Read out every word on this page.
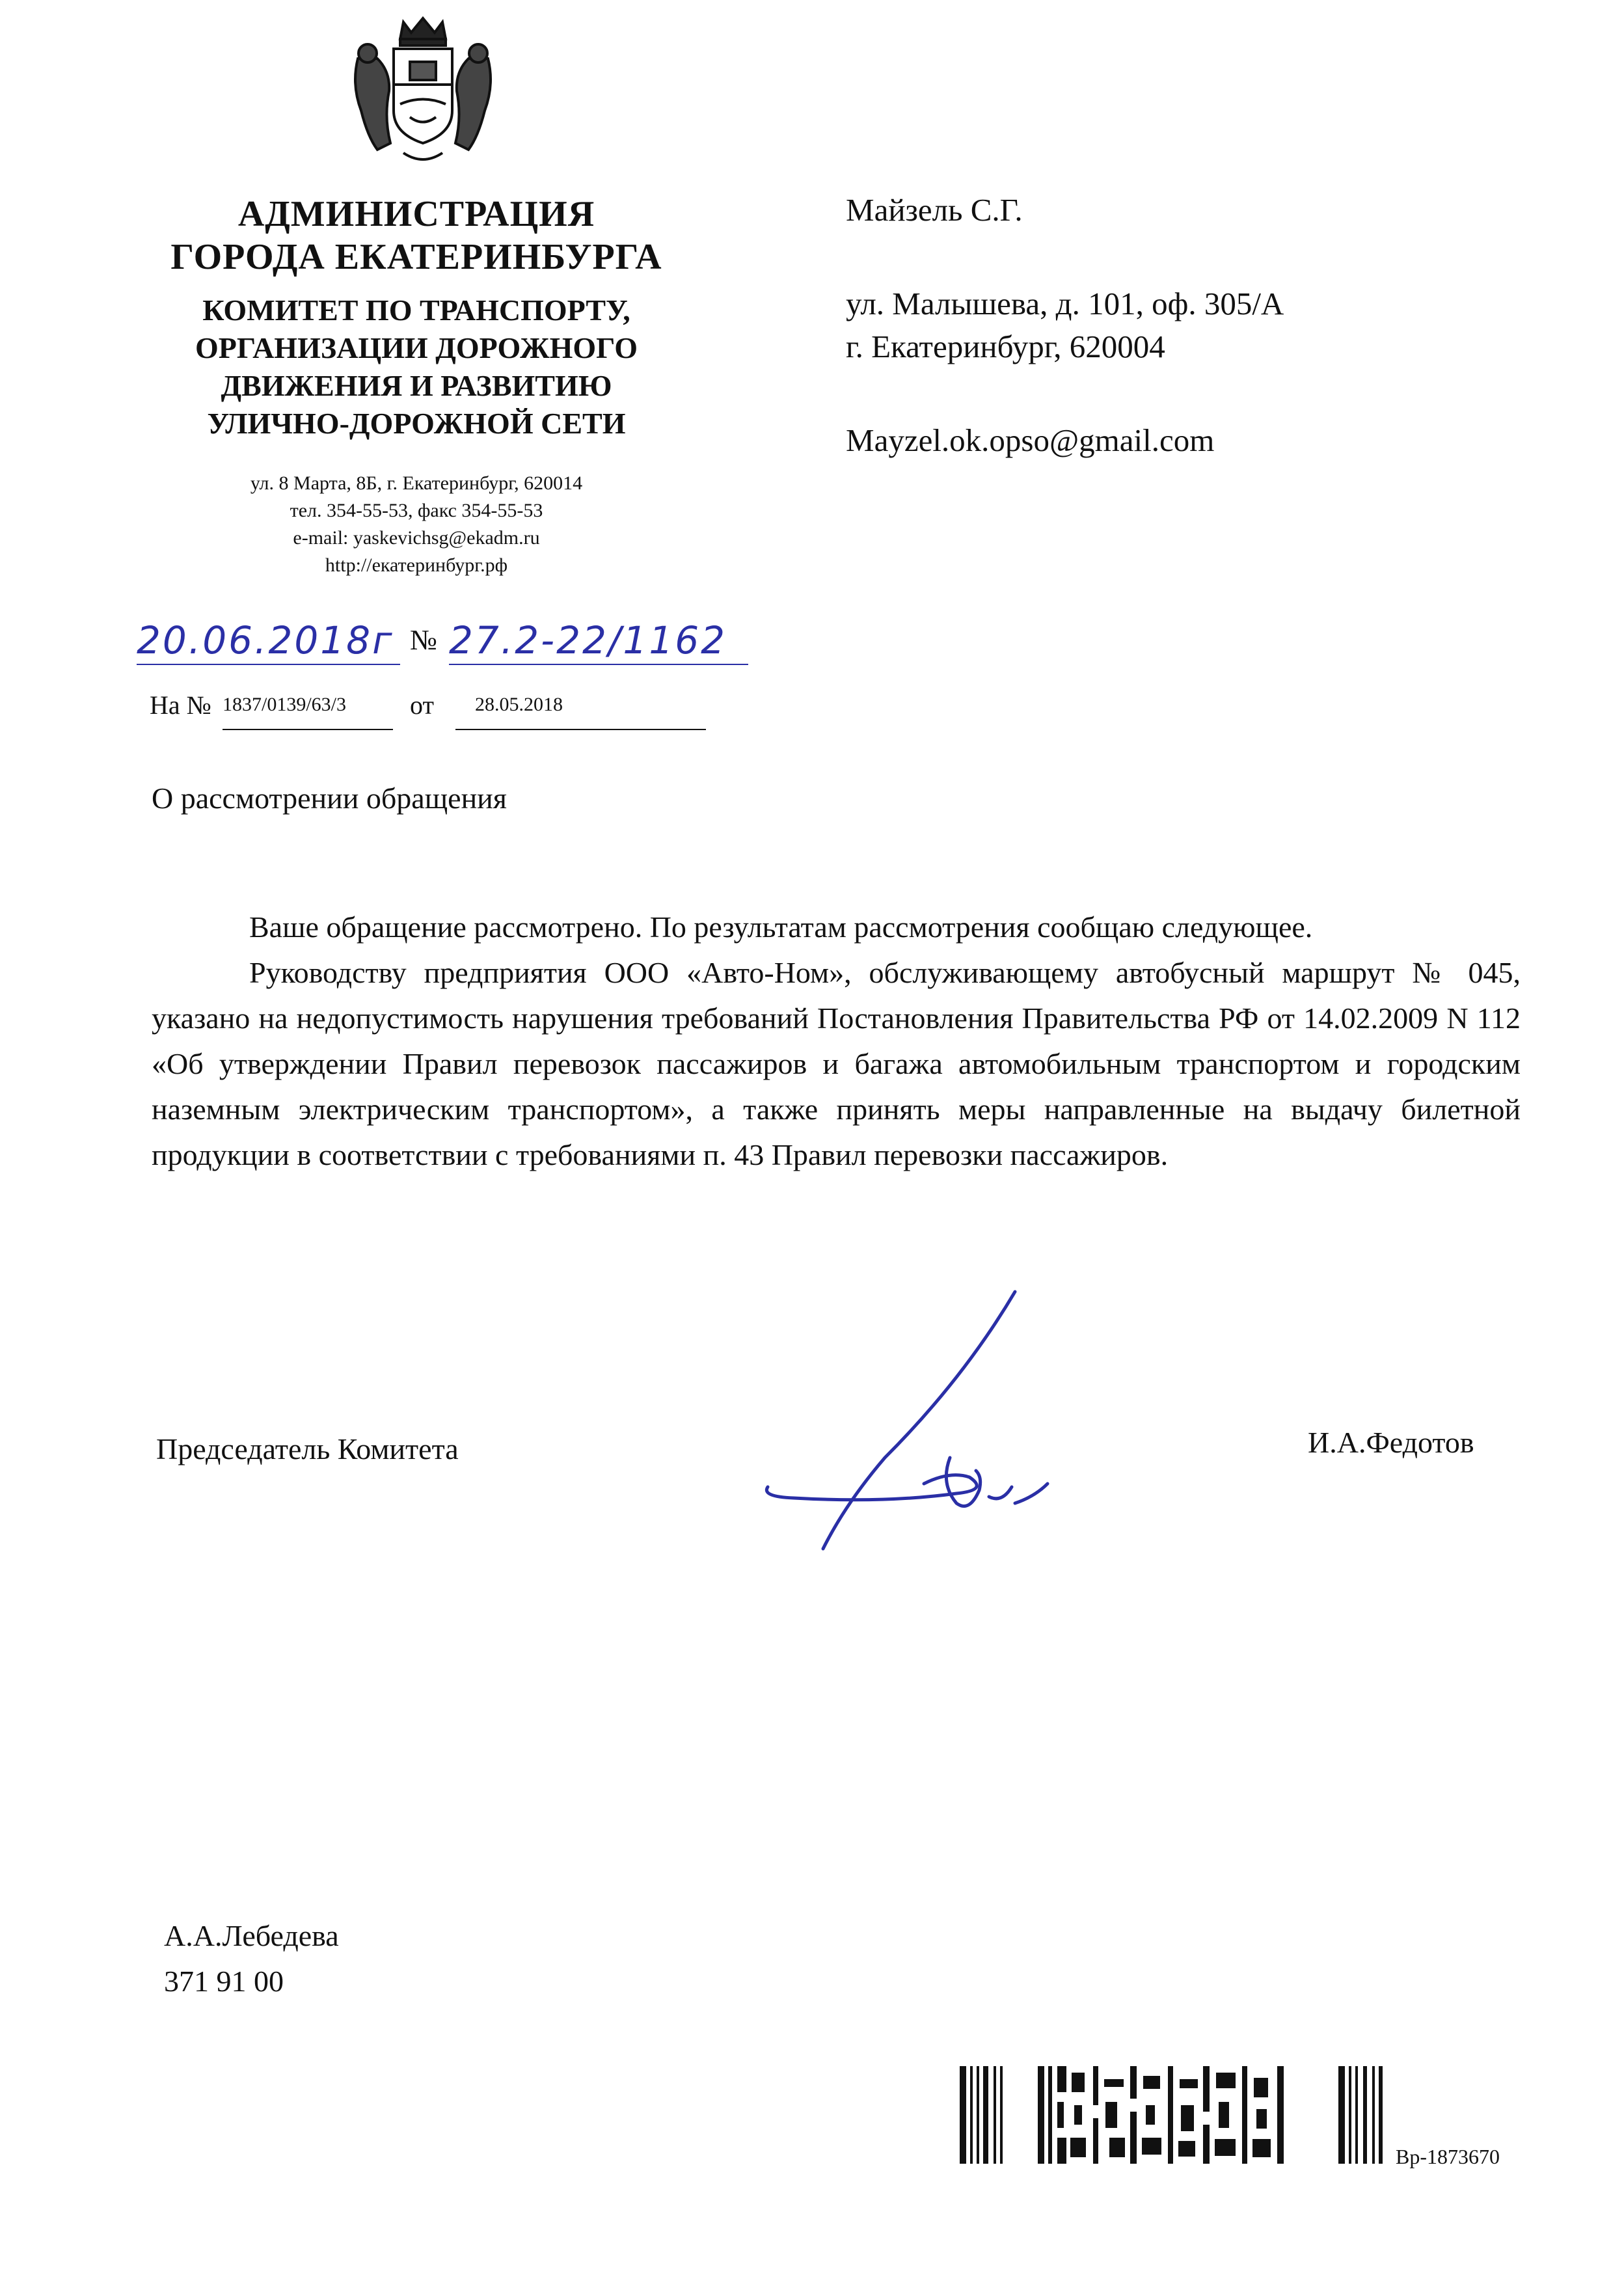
АДМИНИСТРАЦИЯ
ГОРОДА ЕКАТЕРИНБУРГА
КОМИТЕТ ПО ТРАНСПОРТУ,
ОРГАНИЗАЦИИ ДОРОЖНОГО
ДВИЖЕНИЯ И РАЗВИТИЮ
УЛИЧНО-ДОРОЖНОЙ СЕТИ
ул. 8 Марта, 8Б, г. Екатеринбург, 620014
тел. 354-55-53, факс 354-55-53
e-mail: yaskevichsg@ekadm.ru
http://екатеринбург.рф
Майзель С.Г.
ул. Малышева, д. 101, оф. 305/А
г. Екатеринбург, 620004
Mayzel.ok.opso@gmail.com
20.06.2018г № 27.2-22/1162
На № 1837/0139/63/3 от 28.05.2018
О рассмотрении обращения

Ваше обращение рассмотрено. По результатам рассмотрения сообщаю следующее.

Руководству предприятия ООО «Авто-Ном», обслуживающему автобусный маршрут № 045, указано на недопустимость нарушения требований Постановления Правительства РФ от 14.02.2009 N 112 «Об утверждении Правил перевозок пассажиров и багажа автомобильным транспортом и городским наземным электрическим транспортом», а также принять меры направленные на выдачу билетной продукции в соответствии с требованиями п. 43 Правил перевозки пассажиров.

Председатель Комитета	И.А.Федотов
А.А.Лебедева
371 91 00
Вр-1873670
